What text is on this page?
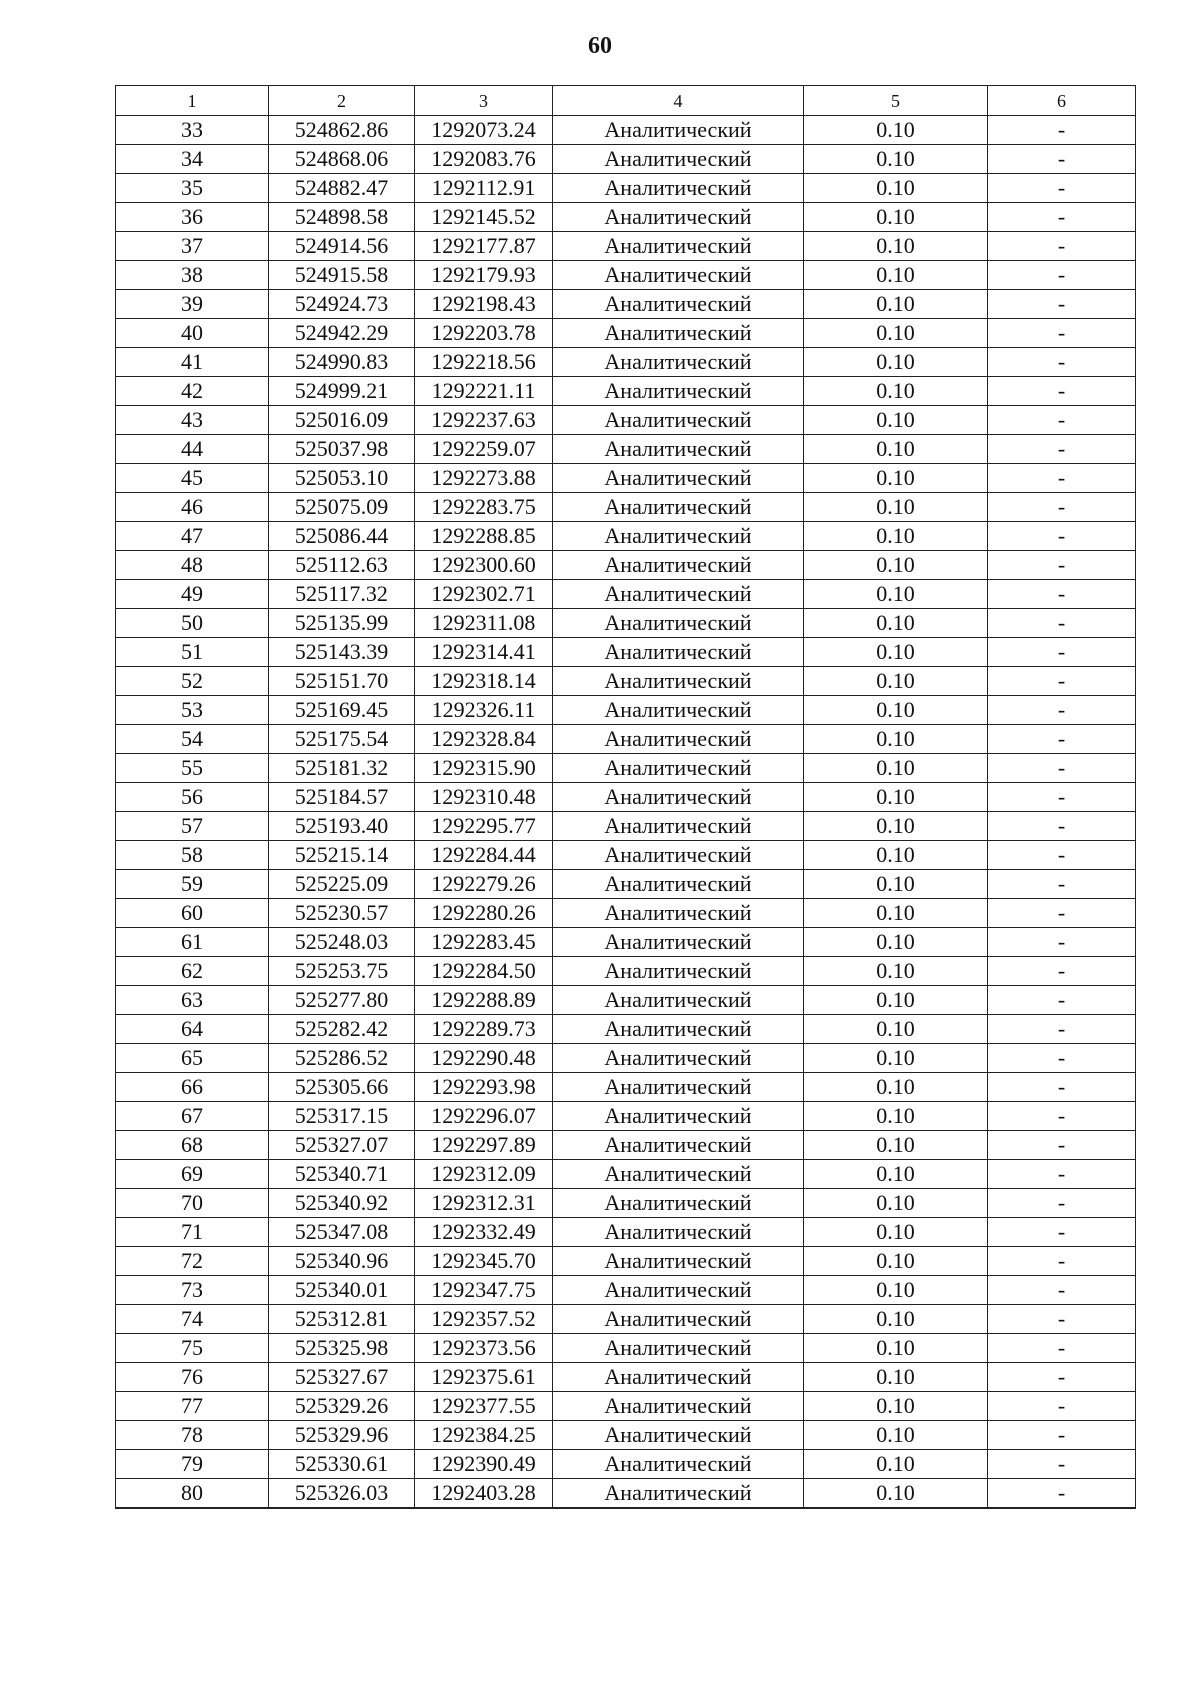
60
1	2	3	4	5	6
33	524862.86	1292073.24	Аналитический	0.10	-
34	524868.06	1292083.76	Аналитический	0.10	-
35	524882.47	1292112.91	Аналитический	0.10	-
36	524898.58	1292145.52	Аналитический	0.10	-
37	524914.56	1292177.87	Аналитический	0.10	-
38	524915.58	1292179.93	Аналитический	0.10	-
39	524924.73	1292198.43	Аналитический	0.10	-
40	524942.29	1292203.78	Аналитический	0.10	-
41	524990.83	1292218.56	Аналитический	0.10	-
42	524999.21	1292221.11	Аналитический	0.10	-
43	525016.09	1292237.63	Аналитический	0.10	-
44	525037.98	1292259.07	Аналитический	0.10	-
45	525053.10	1292273.88	Аналитический	0.10	-
46	525075.09	1292283.75	Аналитический	0.10	-
47	525086.44	1292288.85	Аналитический	0.10	-
48	525112.63	1292300.60	Аналитический	0.10	-
49	525117.32	1292302.71	Аналитический	0.10	-
50	525135.99	1292311.08	Аналитический	0.10	-
51	525143.39	1292314.41	Аналитический	0.10	-
52	525151.70	1292318.14	Аналитический	0.10	-
53	525169.45	1292326.11	Аналитический	0.10	-
54	525175.54	1292328.84	Аналитический	0.10	-
55	525181.32	1292315.90	Аналитический	0.10	-
56	525184.57	1292310.48	Аналитический	0.10	-
57	525193.40	1292295.77	Аналитический	0.10	-
58	525215.14	1292284.44	Аналитический	0.10	-
59	525225.09	1292279.26	Аналитический	0.10	-
60	525230.57	1292280.26	Аналитический	0.10	-
61	525248.03	1292283.45	Аналитический	0.10	-
62	525253.75	1292284.50	Аналитический	0.10	-
63	525277.80	1292288.89	Аналитический	0.10	-
64	525282.42	1292289.73	Аналитический	0.10	-
65	525286.52	1292290.48	Аналитический	0.10	-
66	525305.66	1292293.98	Аналитический	0.10	-
67	525317.15	1292296.07	Аналитический	0.10	-
68	525327.07	1292297.89	Аналитический	0.10	-
69	525340.71	1292312.09	Аналитический	0.10	-
70	525340.92	1292312.31	Аналитический	0.10	-
71	525347.08	1292332.49	Аналитический	0.10	-
72	525340.96	1292345.70	Аналитический	0.10	-
73	525340.01	1292347.75	Аналитический	0.10	-
74	525312.81	1292357.52	Аналитический	0.10	-
75	525325.98	1292373.56	Аналитический	0.10	-
76	525327.67	1292375.61	Аналитический	0.10	-
77	525329.26	1292377.55	Аналитический	0.10	-
78	525329.96	1292384.25	Аналитический	0.10	-
79	525330.61	1292390.49	Аналитический	0.10	-
80	525326.03	1292403.28	Аналитический	0.10	-
